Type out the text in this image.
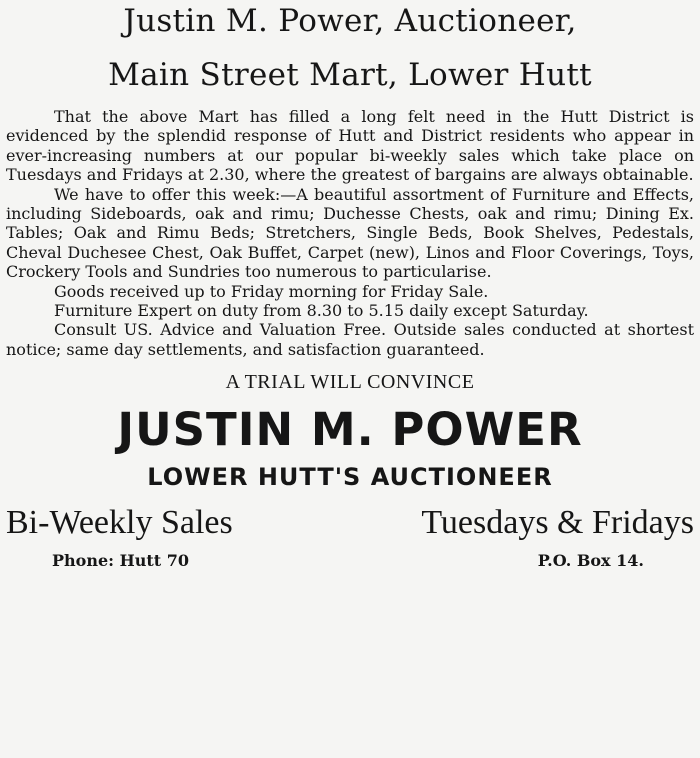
Justin M. Power, Auctioneer,
Main Street Mart, Lower Hutt

That the above Mart has filled a long felt need in the Hutt District is evidenced by the splendid response of Hutt and District residents who appear in ever-increasing numbers at our popular bi-weekly sales which take place on Tuesdays and Fridays at 2.30, where the greatest of bargains are always obtainable.

We have to offer this week:—A beautiful assortment of Furniture and Effects, including Sideboards, oak and rimu; Duchesse Chests, oak and rimu; Dining Ex. Tables; Oak and Rimu Beds; Stretchers, Single Beds, Book Shelves, Pedestals, Cheval Duchesee Chest, Oak Buffet, Carpet (new), Linos and Floor Coverings, Toys, Crockery Tools and Sundries too numerous to particularise.

Goods received up to Friday morning for Friday Sale.

Furniture Expert on duty from 8.30 to 5.15 daily except Saturday.

Consult US. Advice and Valuation Free. Outside sales conducted at shortest notice; same day settlements, and satisfaction guaranteed.

A TRIAL WILL CONVINCE
JUSTIN M. POWER
LOWER HUTT'S AUCTIONEER
Bi-Weekly Sales	Tuesdays & Fridays
Phone: Hutt 70	P.O. Box 14.
